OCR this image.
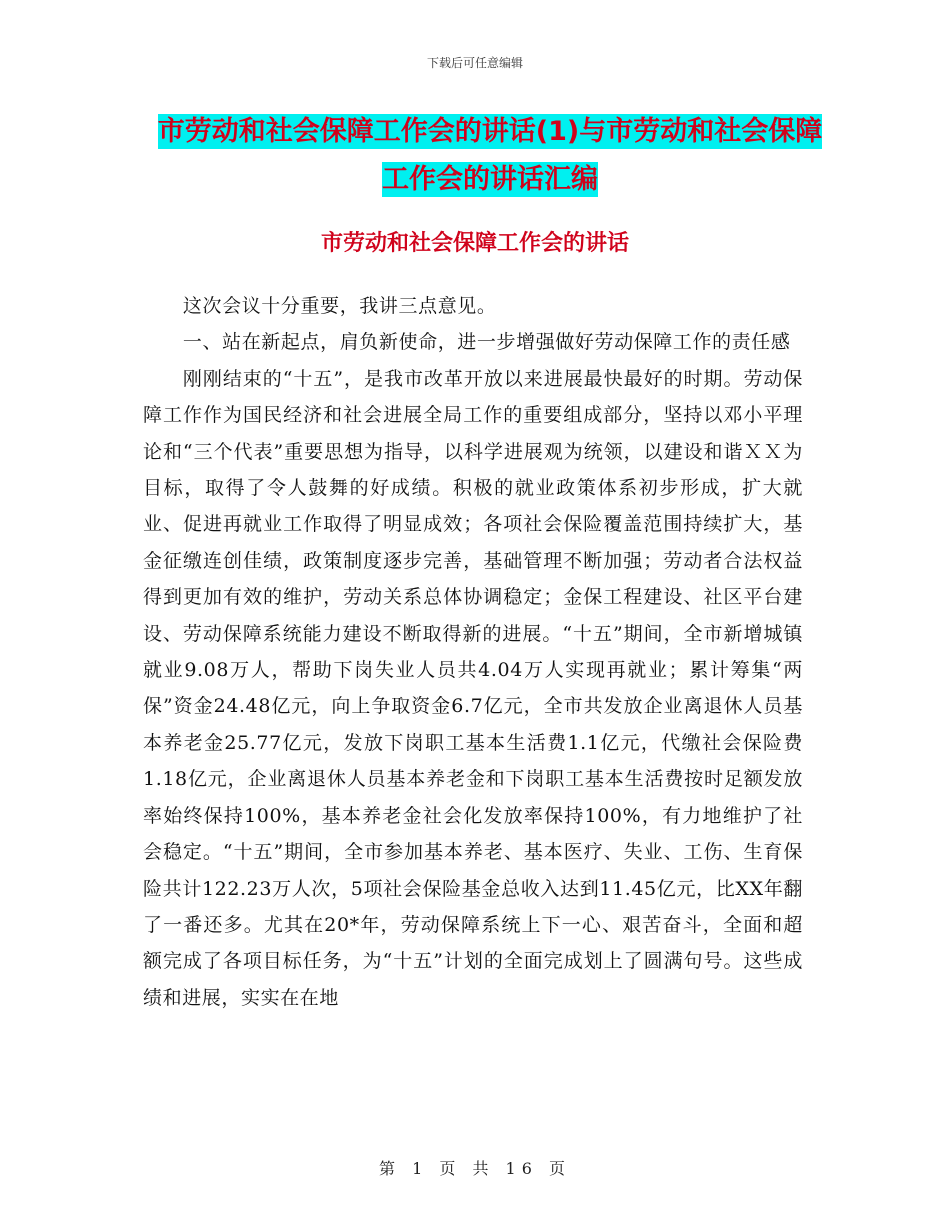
下载后可任意编辑
市劳动和社会保障工作会的讲话(1)与市劳动和社会保障工作会的讲话汇编
市劳动和社会保障工作会的讲话

这次会议十分重要，我讲三点意见。

一、站在新起点，肩负新使命，进一步增强做好劳动保障工作的责任感

刚刚结束的“十五”，是我市改革开放以来进展最快最好的时期。劳动保障工作作为国民经济和社会进展全局工作的重要组成部分，坚持以邓小平理论和“三个代表”重要思想为指导，以科学进展观为统领，以建设和谐ＸＸ为目标，取得了令人鼓舞的好成绩。积极的就业政策体系初步形成，扩大就业、促进再就业工作取得了明显成效；各项社会保险覆盖范围持续扩大，基金征缴连创佳绩，政策制度逐步完善，基础管理不断加强；劳动者合法权益得到更加有效的维护，劳动关系总体协调稳定；金保工程建设、社区平台建设、劳动保障系统能力建设不断取得新的进展。“十五”期间，全市新增城镇就业9.08万人，帮助下岗失业人员共4.04万人实现再就业；累计筹集“两保”资金24.48亿元，向上争取资金6.7亿元，全市共发放企业离退休人员基本养老金25.77亿元，发放下岗职工基本生活费1.1亿元，代缴社会保险费1.18亿元，企业离退休人员基本养老金和下岗职工基本生活费按时足额发放率始终保持100%，基本养老金社会化发放率保持100%，有力地维护了社会稳定。“十五”期间，全市参加基本养老、基本医疗、失业、工伤、生育保险共计122.23万人次，5项社会保险基金总收入达到11.45亿元，比XX年翻了一番还多。尤其在20*年，劳动保障系统上下一心、艰苦奋斗，全面和超额完成了各项目标任务，为“十五”计划的全面完成划上了圆满句号。这些成绩和进展，实实在在地

第 1 页 共 16 页
